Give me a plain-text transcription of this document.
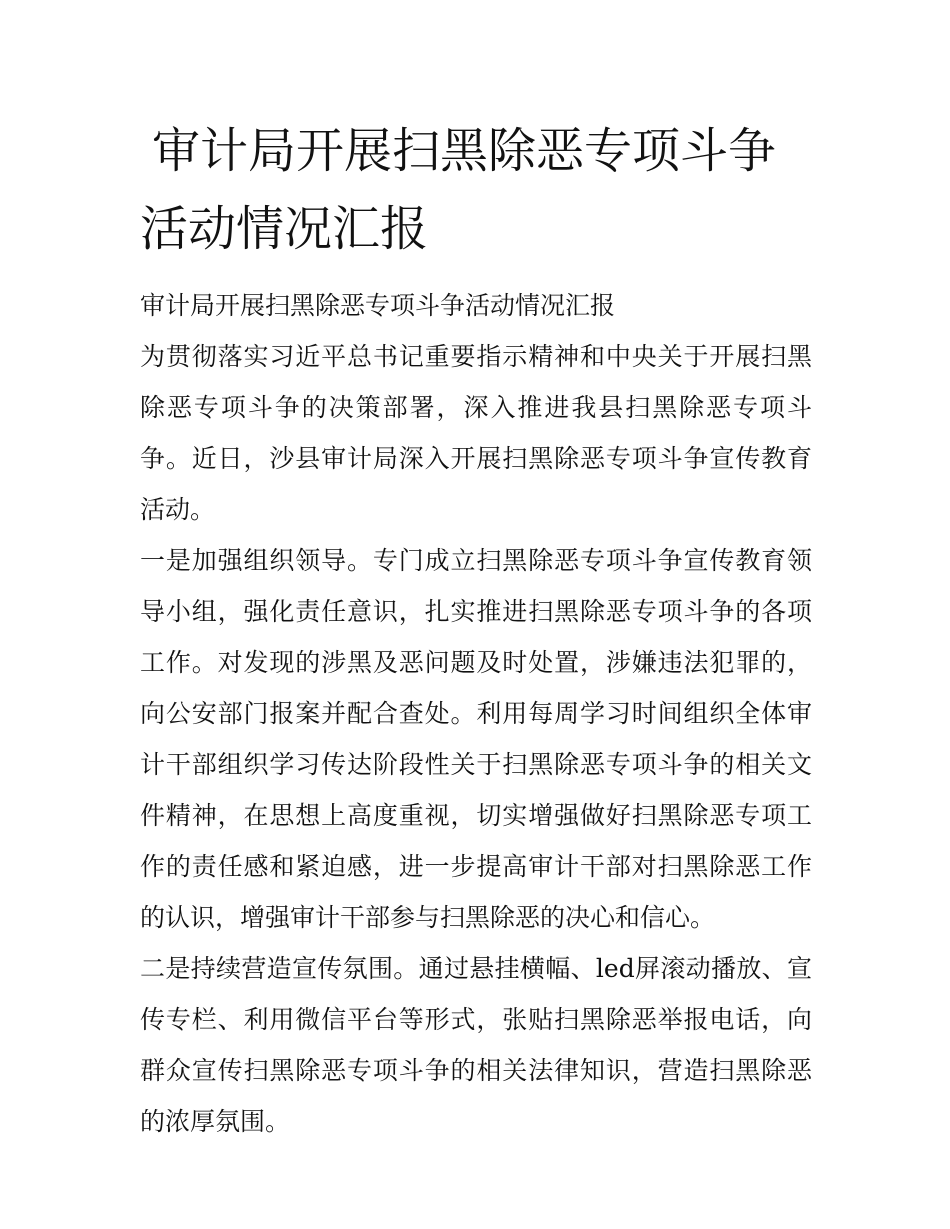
审计局开展扫黑除恶专项斗争活动情况汇报

审计局开展扫黑除恶专项斗争活动情况汇报

为贯彻落实习近平总书记重要指示精神和中央关于开展扫黑除恶专项斗争的决策部署，深入推进我县扫黑除恶专项斗争。近日，沙县审计局深入开展扫黑除恶专项斗争宣传教育活动。

一是加强组织领导。专门成立扫黑除恶专项斗争宣传教育领导小组，强化责任意识，扎实推进扫黑除恶专项斗争的各项工作。对发现的涉黑及恶问题及时处置，涉嫌违法犯罪的，向公安部门报案并配合查处。利用每周学习时间组织全体审计干部组织学习传达阶段性关于扫黑除恶专项斗争的相关文件精神，在思想上高度重视，切实增强做好扫黑除恶专项工作的责任感和紧迫感，进一步提高审计干部对扫黑除恶工作的认识，增强审计干部参与扫黑除恶的决心和信心。

二是持续营造宣传氛围。通过悬挂横幅、led屏滚动播放、宣传专栏、利用微信平台等形式，张贴扫黑除恶举报电话，向群众宣传扫黑除恶专项斗争的相关法律知识，营造扫黑除恶的浓厚氛围。
